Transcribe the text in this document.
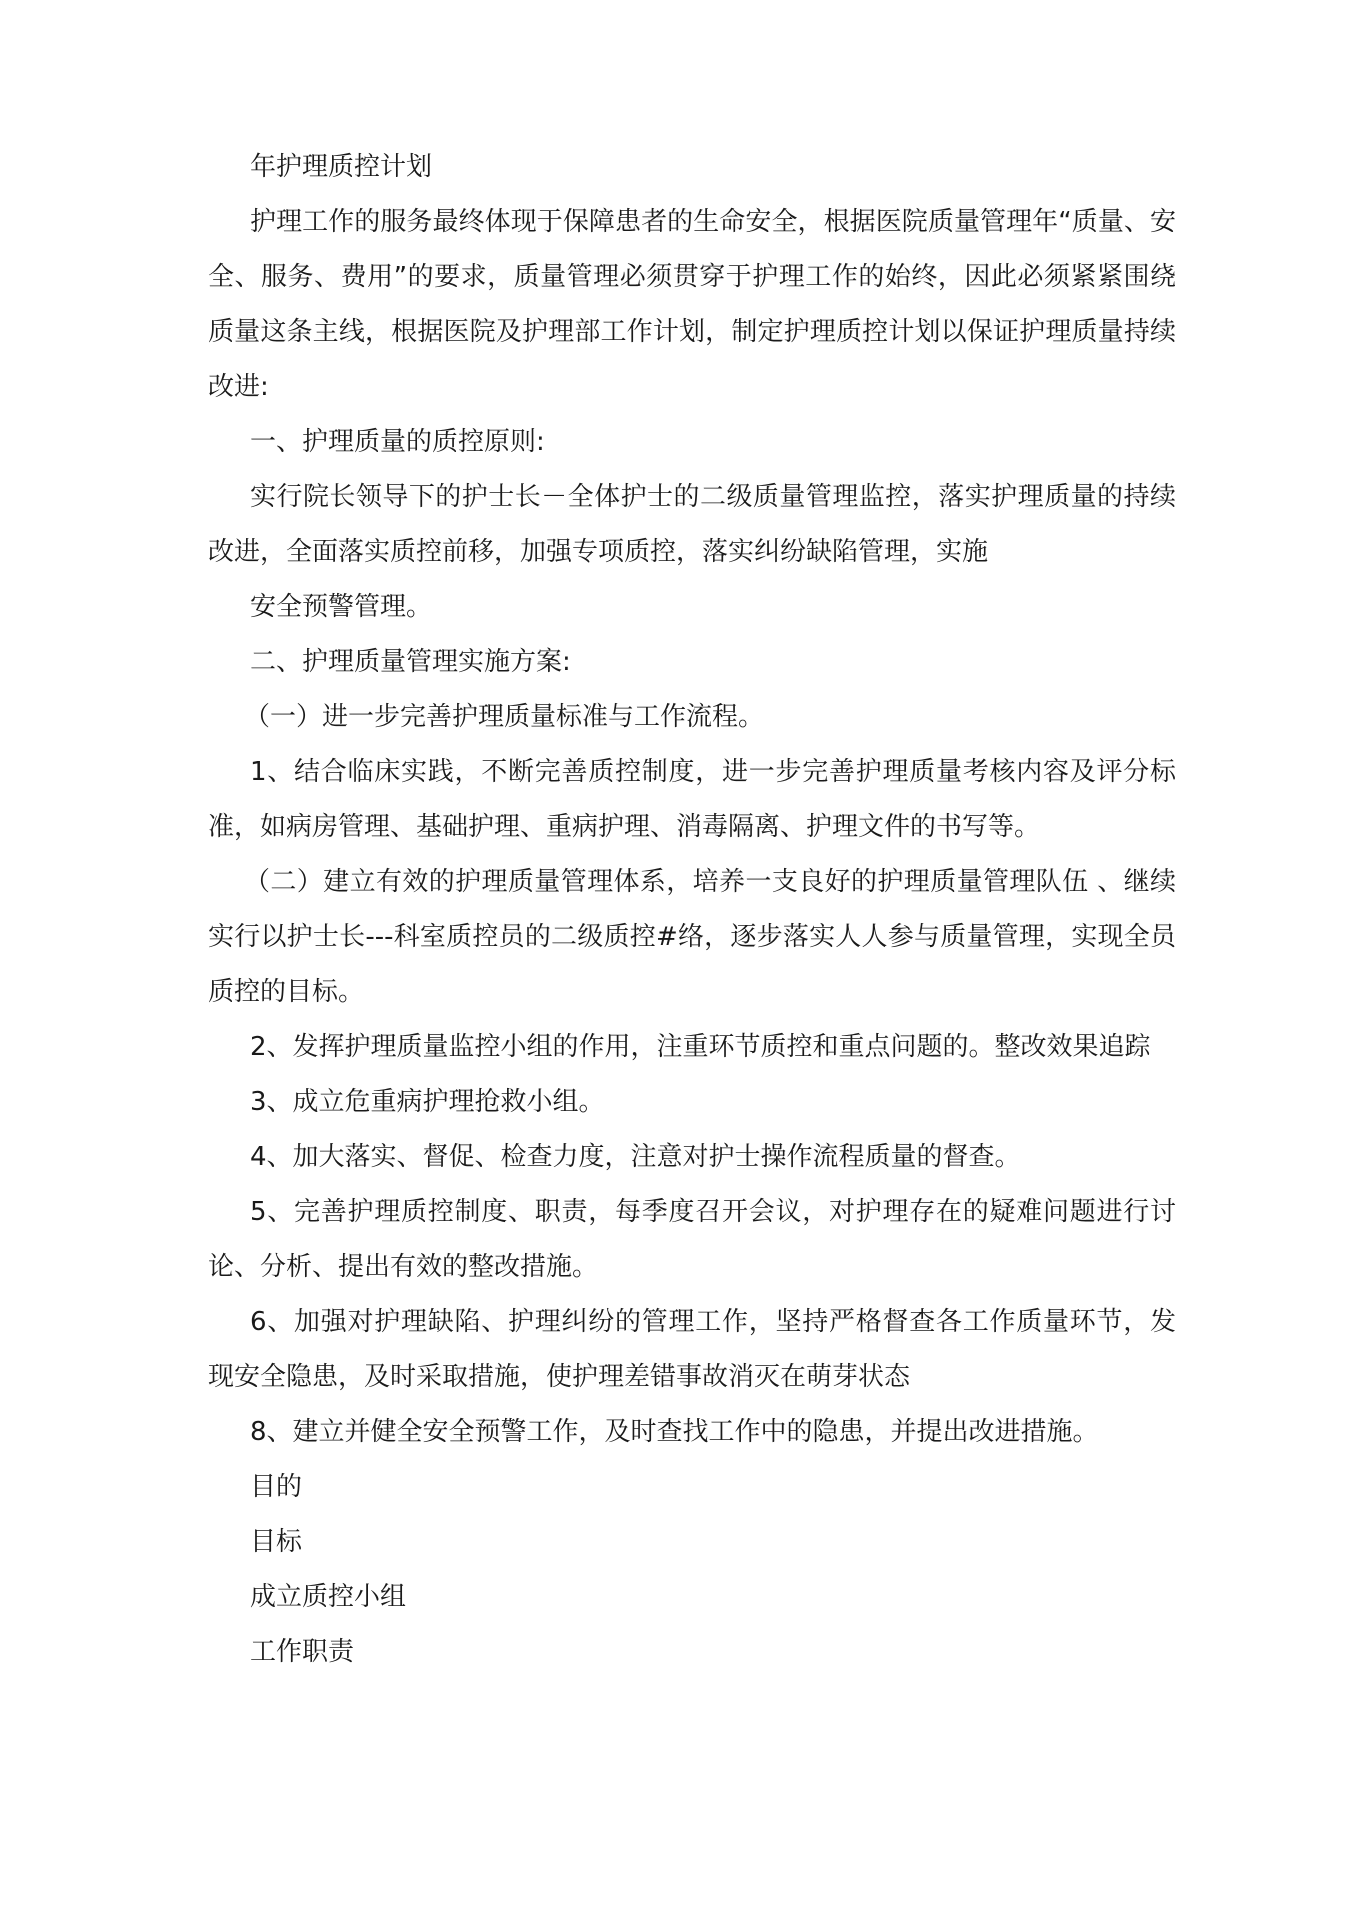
年护理质控计划

护理工作的服务最终体现于保障患者的生命安全，根据医院质量管理年“质量、安全、服务、费用”的要求，质量管理必须贯穿于护理工作的始终，因此必须紧紧围绕质量这条主线，根据医院及护理部工作计划，制定护理质控计划以保证护理质量持续改进:

一、护理质量的质控原则:

实行院长领导下的护士长－全体护士的二级质量管理监控，落实护理质量的持续改进，全面落实质控前移，加强专项质控，落实纠纷缺陷管理，实施

安全预警管理。

二、护理质量管理实施方案:

（一）进一步完善护理质量标准与工作流程。

1、结合临床实践，不断完善质控制度，进一步完善护理质量考核内容及评分标准，如病房管理、基础护理、重病护理、消毒隔离、护理文件的书写等。

（二）建立有效的护理质量管理体系，培养一支良好的护理质量管理队伍 、继续实行以护士长---科室质控员的二级质控#络，逐步落实人人参与质量管理，实现全员质控的目标。

2、发挥护理质量监控小组的作用，注重环节质控和重点问题的。整改效果追踪

3、成立危重病护理抢救小组。

4、加大落实、督促、检查力度，注意对护士操作流程质量的督查。

5、完善护理质控制度、职责，每季度召开会议，对护理存在的疑难问题进行讨论、分析、提出有效的整改措施。

6、加强对护理缺陷、护理纠纷的管理工作，坚持严格督查各工作质量环节，发现安全隐患，及时采取措施，使护理差错事故消灭在萌芽状态

8、建立并健全安全预警工作，及时查找工作中的隐患，并提出改进措施。

目的

目标

成立质控小组

工作职责
